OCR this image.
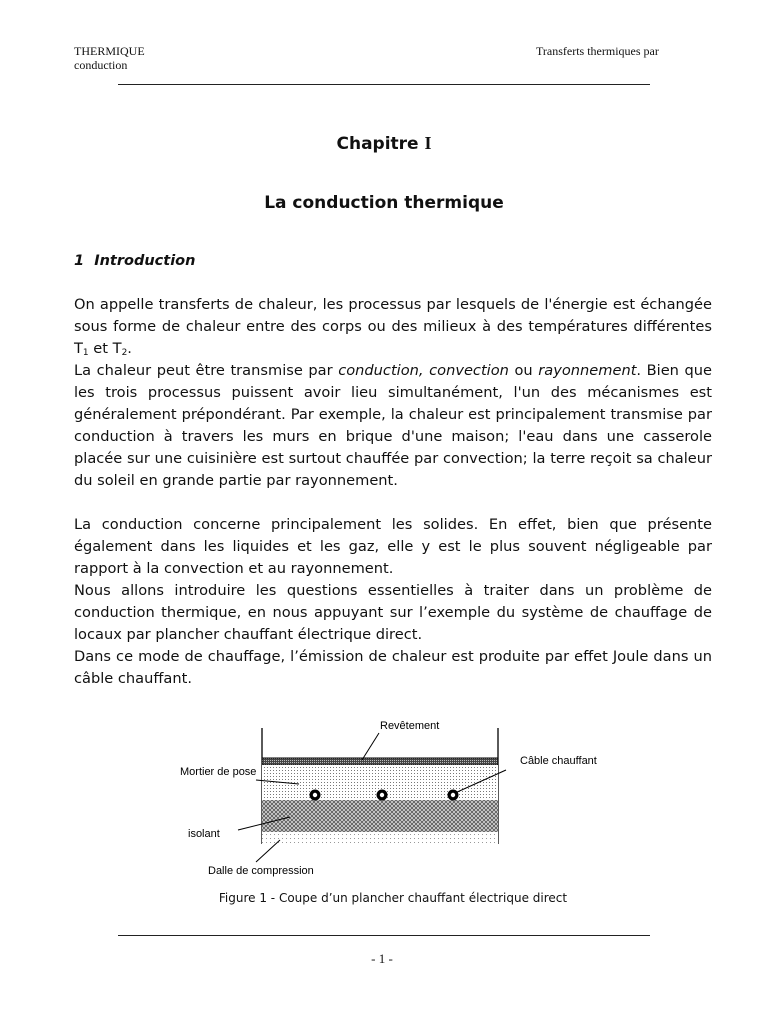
THERMIQUE	Transferts thermiques par
conduction
Chapitre I
La conduction thermique
1 Introduction

On appelle transferts de chaleur, les processus par lesquels de l'énergie est échangée sous forme de chaleur entre des corps ou des milieux à des températures différentes $T_1$ et $T_2$.

La chaleur peut être transmise par conduction, convection ou rayonnement. Bien que les trois processus puissent avoir lieu simultanément, l'un des mécanismes est généralement prépondérant. Par exemple, la chaleur est principalement transmise par conduction à travers les murs en brique d'une maison; l'eau dans une casserole placée sur une cuisinière est surtout chauffée par convection; la terre reçoit sa chaleur du soleil en grande partie par rayonnement.

La conduction concerne principalement les solides. En effet, bien que présente également dans les liquides et les gaz, elle y est le plus souvent négligeable par rapport à la convection et au rayonnement.

Nous allons introduire les questions essentielles à traiter dans un problème de conduction thermique, en nous appuyant sur l’exemple du système de chauffage de locaux par plancher chauffant électrique direct.

Dans ce mode de chauffage, l’émission de chaleur est produite par effet Joule dans un câble chauffant.

Revêtement
Câble chauffant
Mortier de pose
isolant
Dalle de compression
Figure 1 - Coupe d’un plancher chauffant électrique direct
- 1 -
